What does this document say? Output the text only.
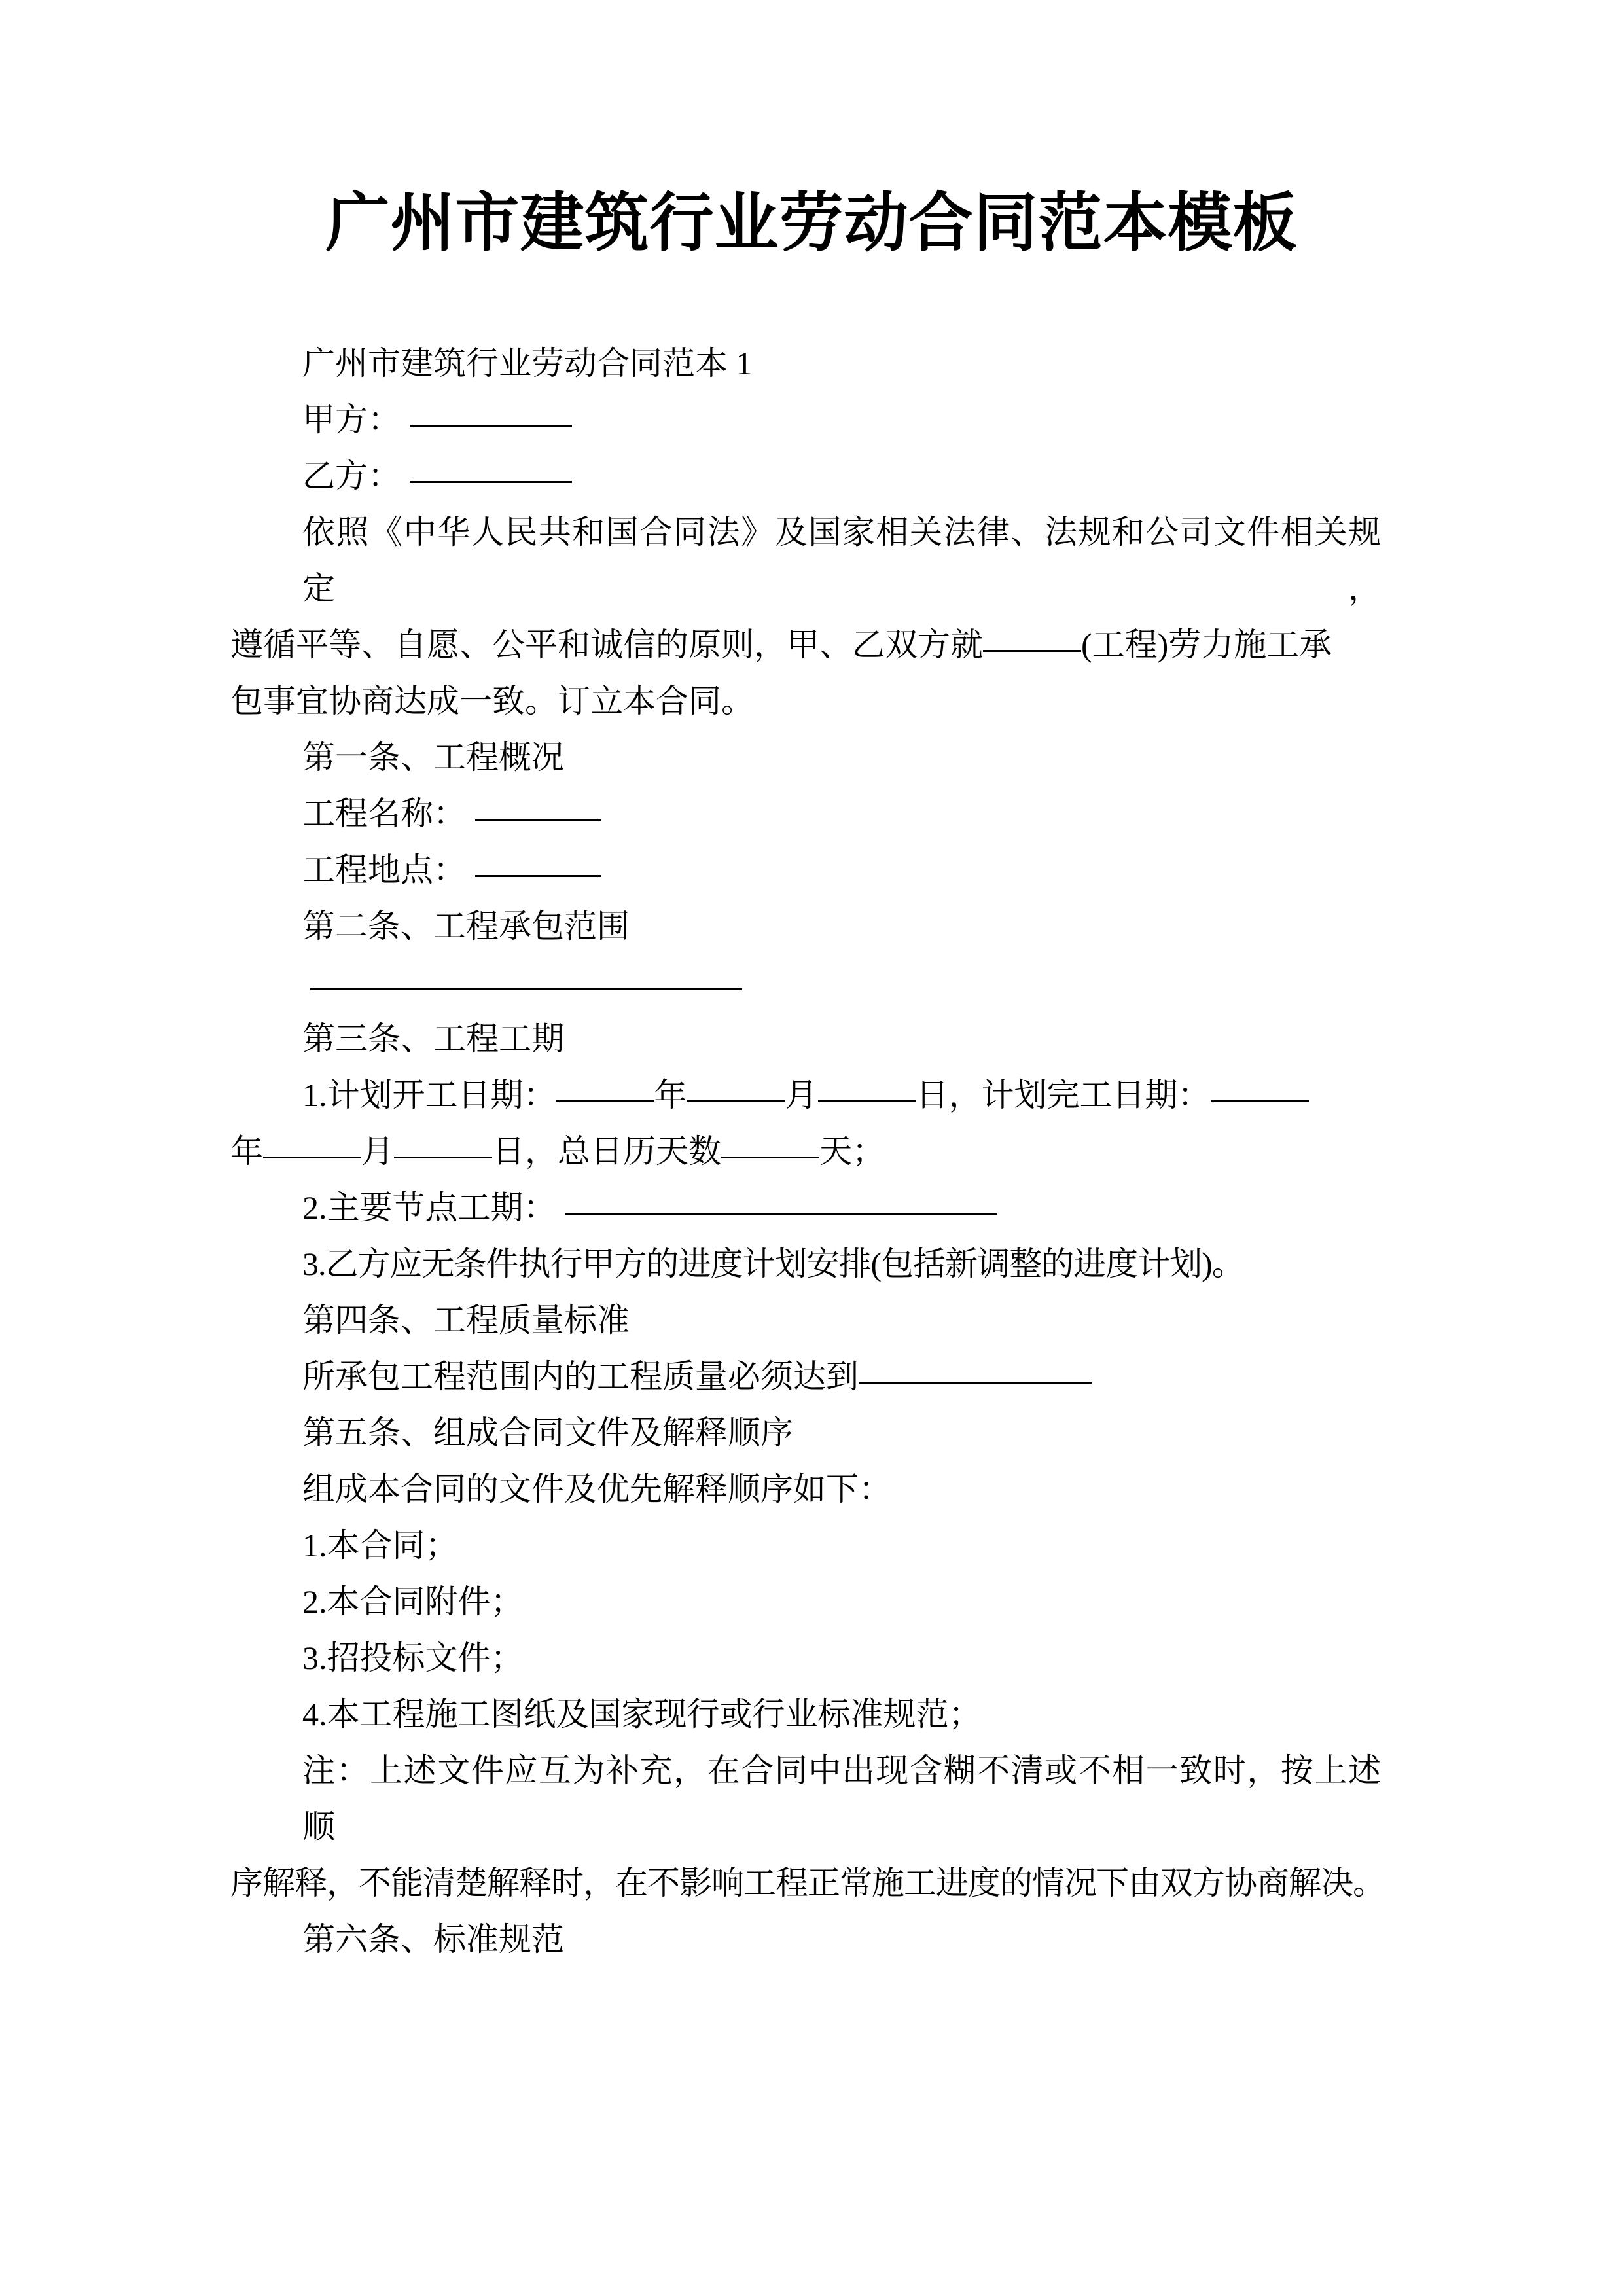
广州市建筑行业劳动合同范本模板
广州市建筑行业劳动合同范本 1
甲方：
乙方：
依照《中华人民共和国合同法》及国家相关法律、法规和公司文件相关规定，
遵循平等、自愿、公平和诚信的原则，甲、乙双方就	(工程)劳力施工承
包事宜协商达成一致。订立本合同。
第一条、工程概况
工程名称：
工程地点：
第二条、工程承包范围
第三条、工程工期
1.计划开工日期：	年	月	日，计划完工日期：
年	月	日，总日历天数	天；
2.主要节点工期：
3.乙方应无条件执行甲方的进度计划安排(包括新调整的进度计划)。
第四条、工程质量标准
所承包工程范围内的工程质量必须达到
第五条、组成合同文件及解释顺序
组成本合同的文件及优先解释顺序如下：
1.本合同；
2.本合同附件；
3.招投标文件；
4.本工程施工图纸及国家现行或行业标准规范；
注：上述文件应互为补充，在合同中出现含糊不清或不相一致时，按上述顺
序解释，不能清楚解释时，在不影响工程正常施工进度的情况下由双方协商解决。
第六条、标准规范
